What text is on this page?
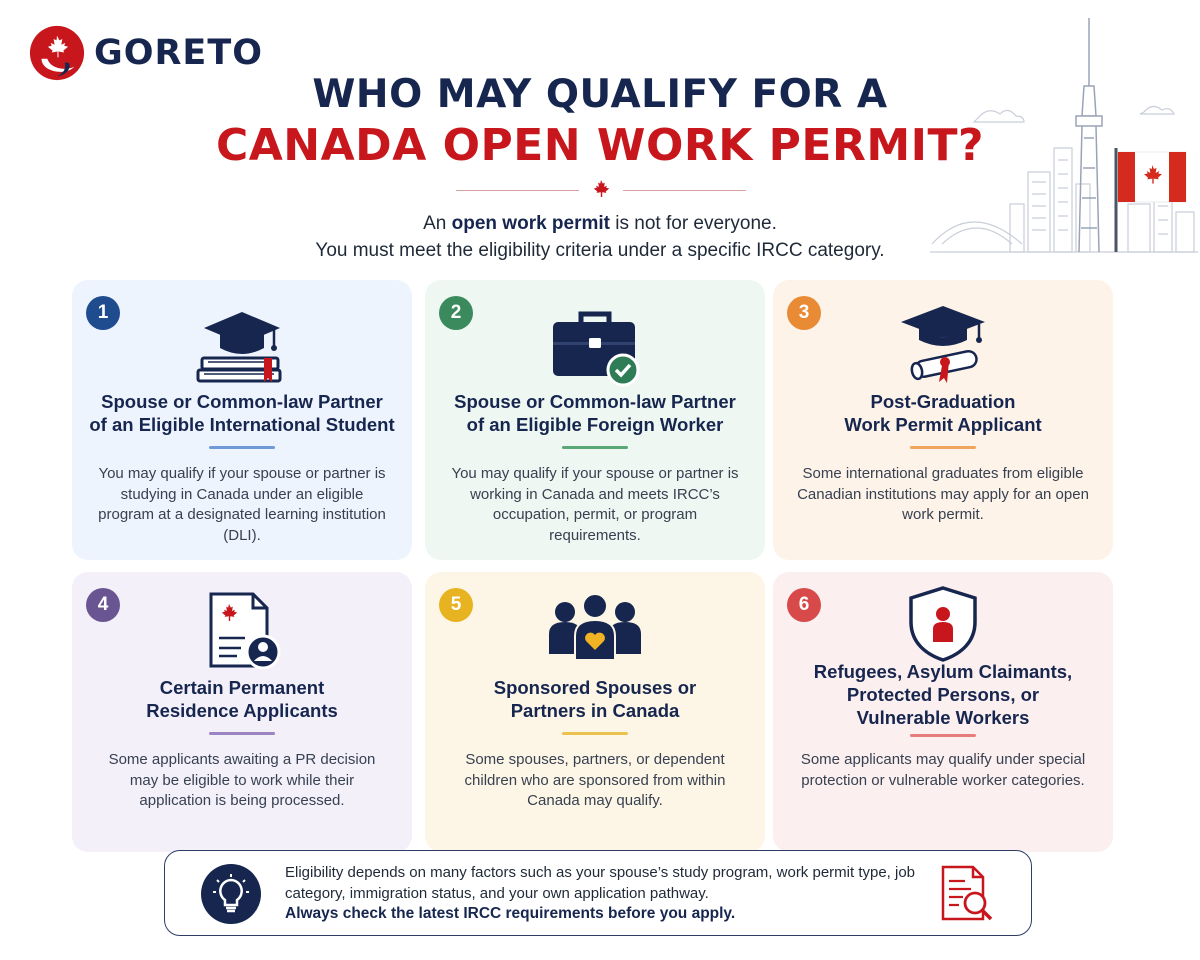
GORETO
WHO MAY QUALIFY FOR A
CANADA OPEN WORK PERMIT?
An open work permit is not for everyone.
You must meet the eligibility criteria under a specific IRCC category.
1
Spouse or Common-law Partner
of an Eligible International Student
You may qualify if your spouse or partner is studying in Canada under an eligible program at a designated learning institution (DLI).
2
Spouse or Common-law Partner
of an Eligible Foreign Worker
You may qualify if your spouse or partner is working in Canada and meets IRCC’s occupation, permit, or program requirements.
3
Post-Graduation
Work Permit Applicant
Some international graduates from eligible Canadian institutions may apply for an open work permit.
4
Certain Permanent
Residence Applicants
Some applicants awaiting a PR decision may be eligible to work while their application is being processed.
5
Sponsored Spouses or
Partners in Canada
Some spouses, partners, or dependent children who are sponsored from within Canada may qualify.
6
Refugees, Asylum Claimants,
Protected Persons, or
Vulnerable Workers
Some applicants may qualify under special protection or vulnerable worker categories.
Eligibility depends on many factors such as your spouse’s study program, work permit type, job category, immigration status, and your own application pathway.
Always check the latest IRCC requirements before you apply.
